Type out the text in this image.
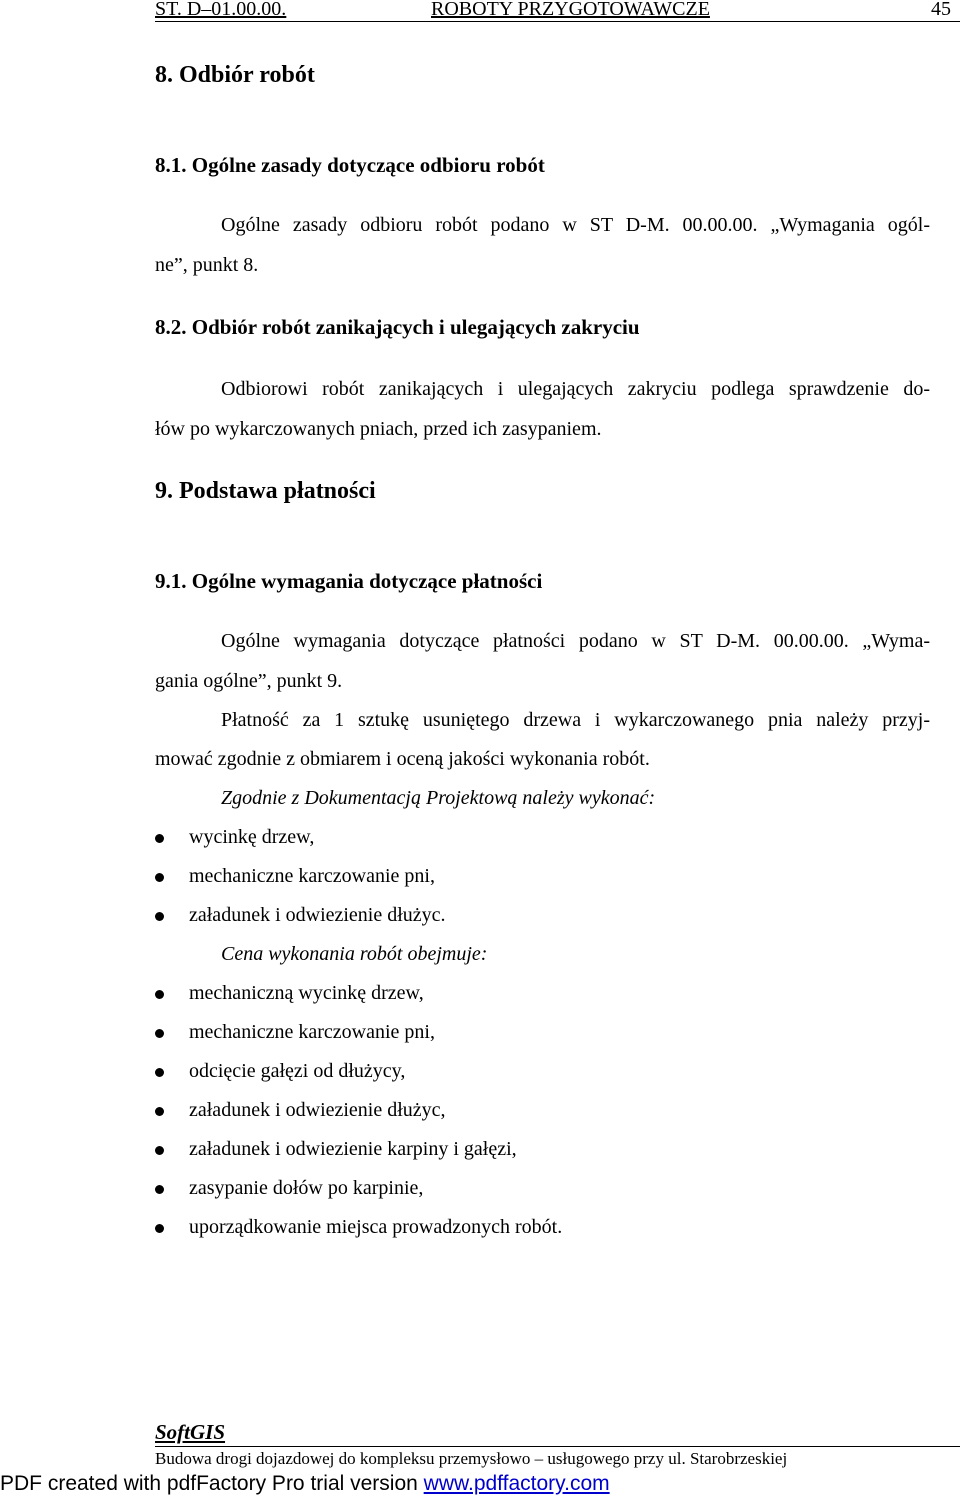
ST. D–01.00.00.	ROBOTY PRZYGOTOWAWCZE	45
8. Odbiór robót
8.1. Ogólne zasady dotyczące odbioru robót
Ogólne zasady odbioru robót podano w ST D-M. 00.00.00. „Wymagania ogól-
ne”, punkt 8.
8.2. Odbiór robót zanikających i ulegających zakryciu
Odbiorowi robót zanikających i ulegających zakryciu podlega sprawdzenie do-
łów po wykarczowanych pniach, przed ich zasypaniem.
9. Podstawa płatności
9.1. Ogólne wymagania dotyczące płatności
Ogólne wymagania dotyczące płatności podano w ST D-M. 00.00.00. „Wyma-
gania ogólne”, punkt 9.
Płatność za 1 sztukę usuniętego drzewa i wykarczowanego pnia należy przyj-
mować zgodnie z obmiarem i oceną jakości wykonania robót.
Zgodnie z Dokumentacją Projektową należy wykonać:
wycinkę drzew,
mechaniczne karczowanie pni,
załadunek i odwiezienie dłużyc.
Cena wykonania robót obejmuje:
mechaniczną wycinkę drzew,
mechaniczne karczowanie pni,
odcięcie gałęzi od dłużycy,
załadunek i odwiezienie dłużyc,
załadunek i odwiezienie karpiny i gałęzi,
zasypanie dołów po karpinie,
uporządkowanie miejsca prowadzonych robót.
SoftGIS
Budowa drogi dojazdowej do kompleksu przemysłowo – usługowego przy ul. Starobrzeskiej
PDF created with pdfFactory Pro trial version www.pdffactory.com
